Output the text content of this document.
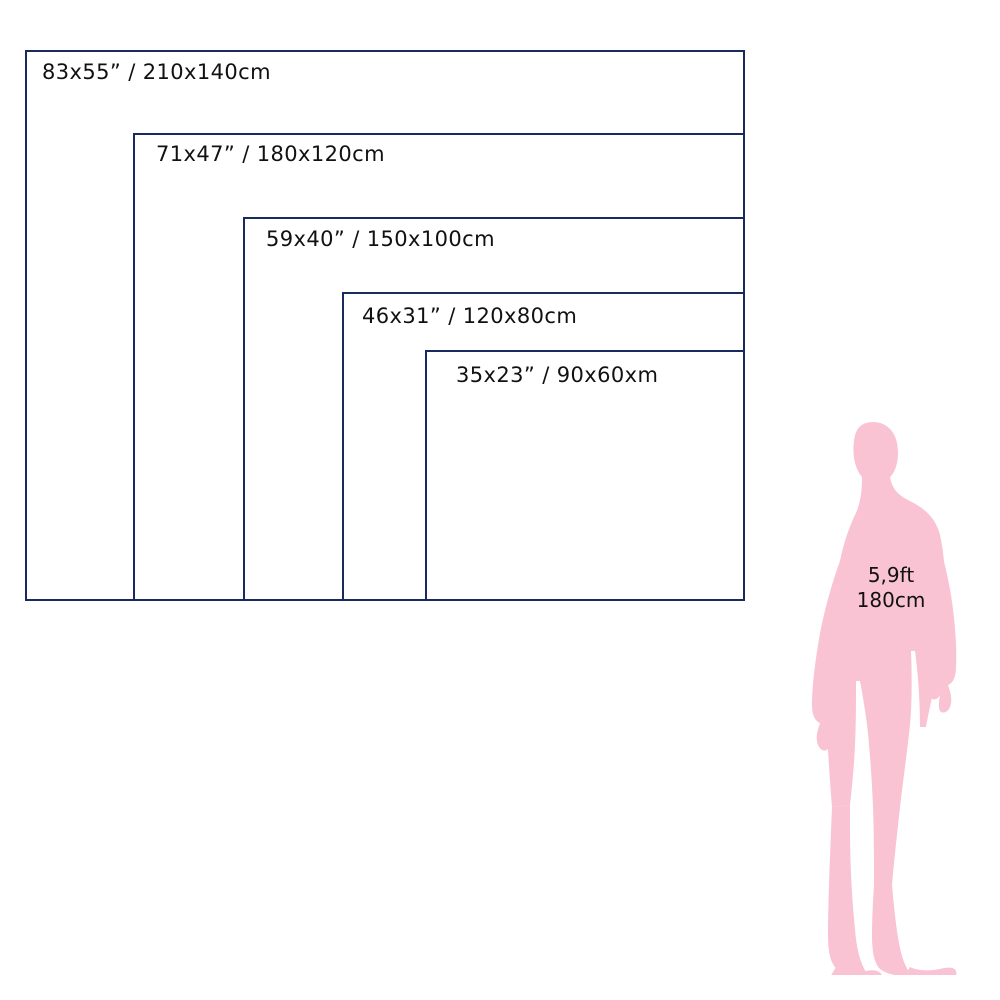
83x55” / 210x140cm
71x47” / 180x120cm
59x40” / 150x100cm
46x31” / 120x80cm
35x23” / 90x60xm
5,9ft
180cm
